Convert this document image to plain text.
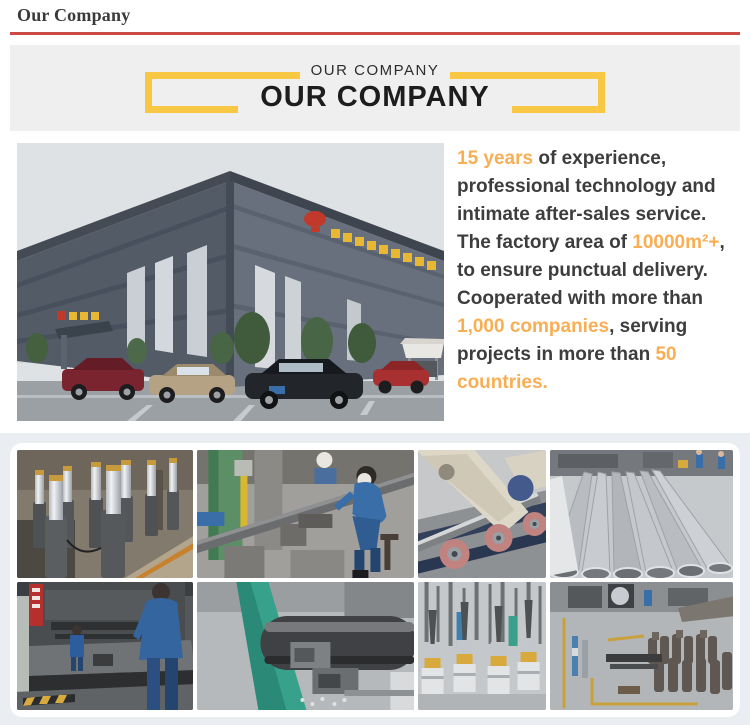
Our Company
OUR COMPANY
OUR COMPANY
15 years of experience, professional technology and intimate after-sales service. The factory area of 10000m²+, to ensure punctual delivery. Cooperated with more than 1,000 companies, serving projects in more than 50 countries.
